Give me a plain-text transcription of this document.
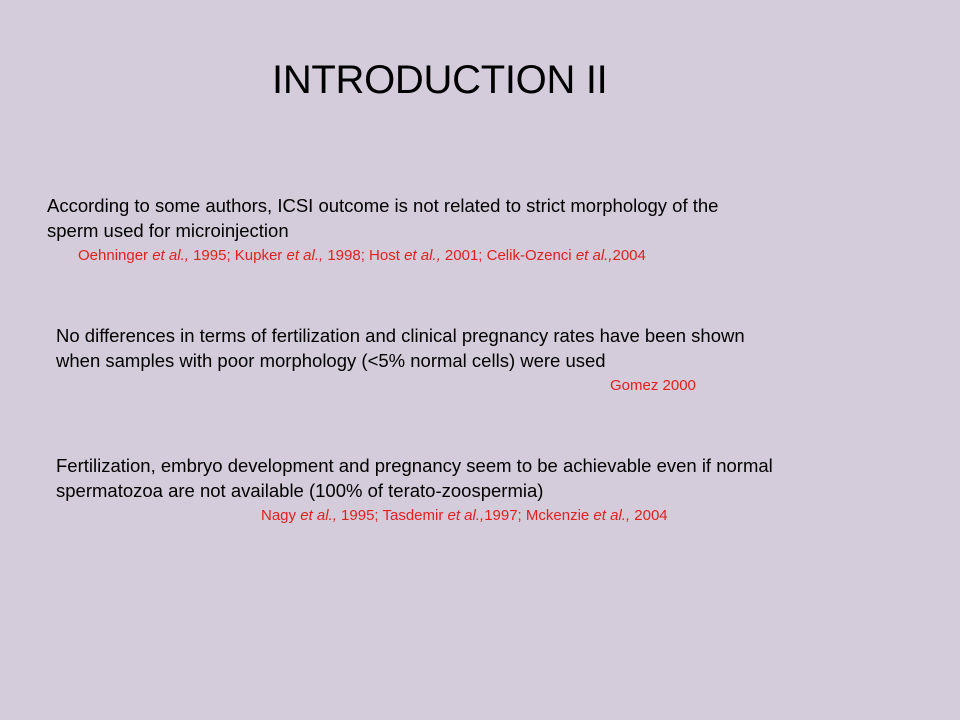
INTRODUCTION II
According to some authors, ICSI outcome is not related to strict morphology of the
sperm used for microinjection
Oehninger et al., 1995; Kupker et al., 1998; Host et al., 2001; Celik-Ozenci et al.,2004
No differences in terms of fertilization and clinical pregnancy rates have been shown
when samples with poor morphology (<5% normal cells) were used
Gomez 2000
Fertilization, embryo development and pregnancy seem to be achievable even if normal
spermatozoa are not available (100% of terato-zoospermia)
Nagy et al., 1995; Tasdemir et al.,1997; Mckenzie et al., 2004
